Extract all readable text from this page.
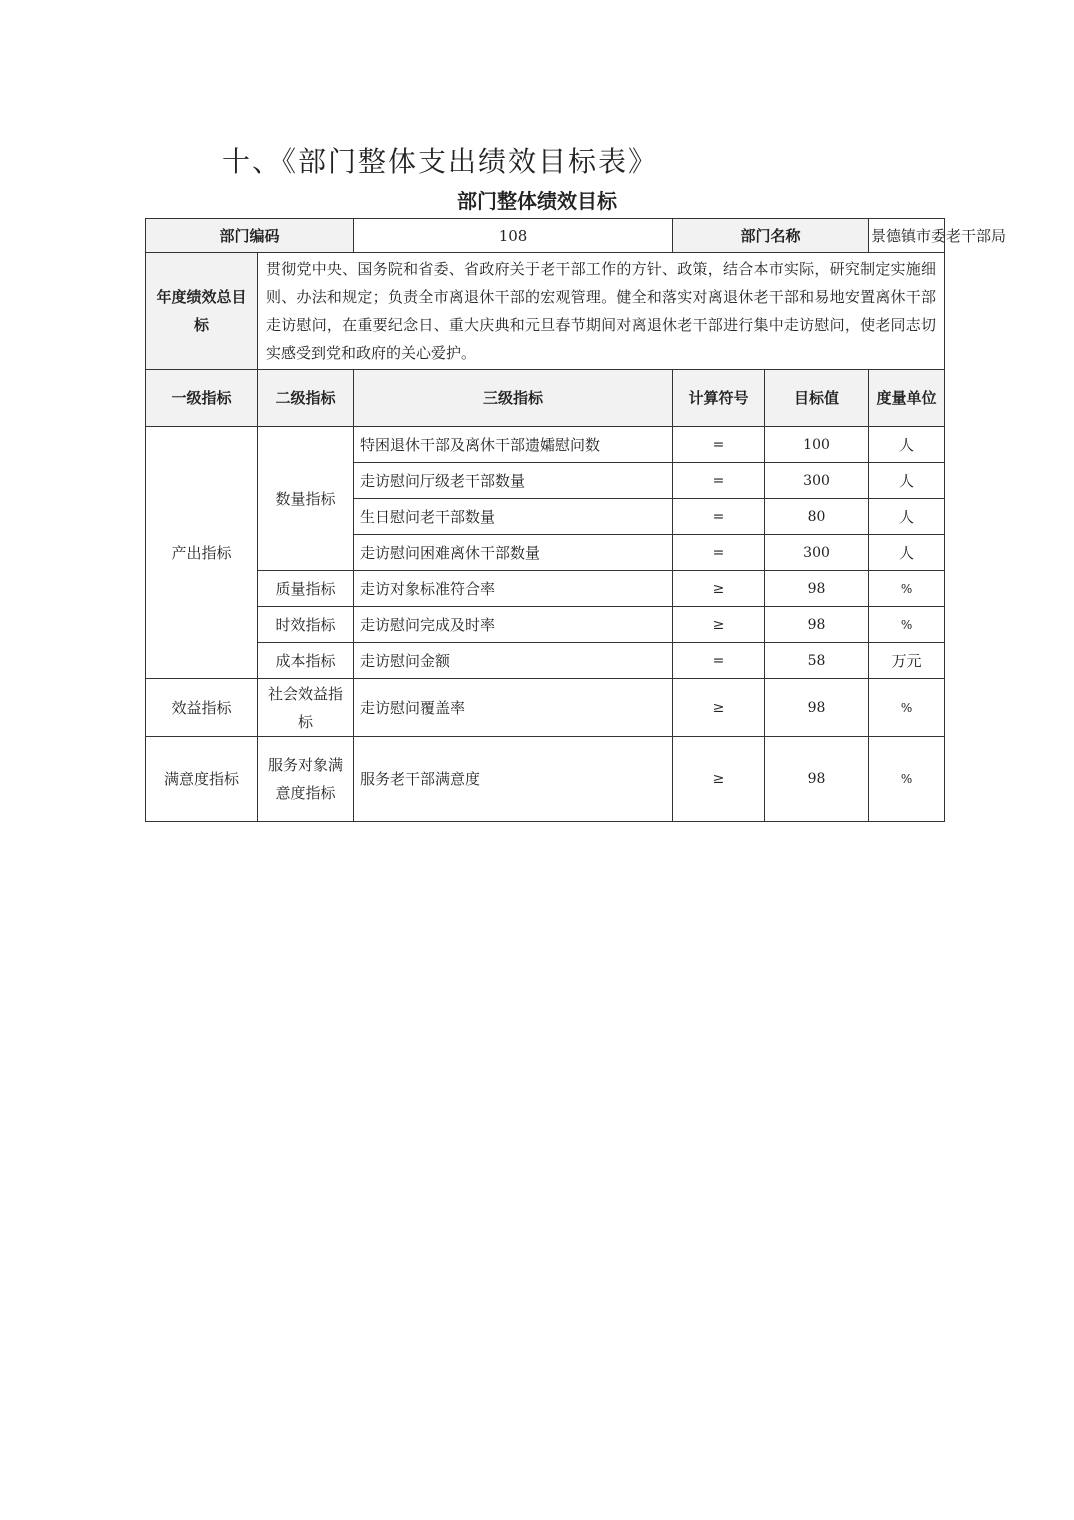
十、《部门整体支出绩效目标表》
部门整体绩效目标
部门编码		108	部门名称		景德镇市委老干部局
年度绩效总目标	贯彻党中央、国务院和省委、省政府关于老干部工作的方针、政策，结合本市实际，研究制定实施细则、办法和规定；负责全市离退休干部的宏观管理。健全和落实对离退休老干部和易地安置离休干部走访慰问，在重要纪念日、重大庆典和元旦春节期间对离退休老干部进行集中走访慰问，使老同志切实感受到党和政府的关心爱护。				
一级指标	二级指标	三级指标	计算符号	目标值	度量单位
产出指标	数量指标	特困退休干部及离休干部遗孀慰问数	=	100	人
		走访慰问厅级老干部数量	=	300	人
		生日慰问老干部数量	=	80	人
		走访慰问困难离休干部数量	=	300	人
	质量指标	走访对象标准符合率	≥	98	%
	时效指标	走访慰问完成及时率	≥	98	%
	成本指标	走访慰问金额	=	58	万元
效益指标	社会效益指标	走访慰问覆盖率	≥	98	%
满意度指标	服务对象满意度指标	服务老干部满意度	≥	98	%
